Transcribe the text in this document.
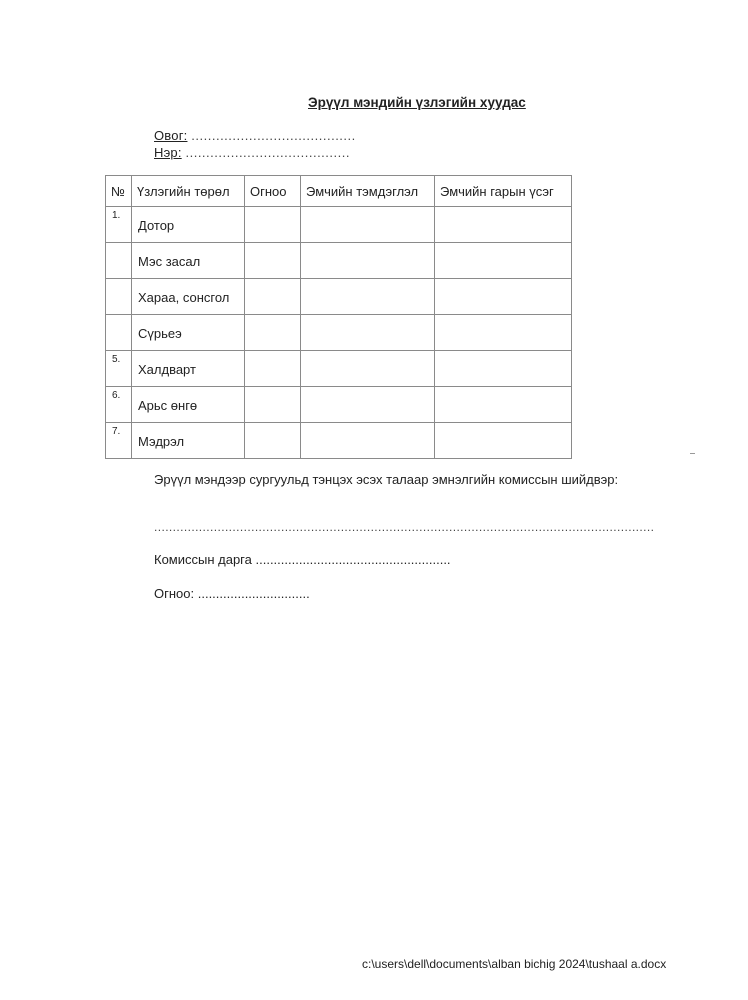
Эрүүл мэндийн үзлэгийн хуудас
Овог: ........................................
Нэр: ........................................
№	Үзлэгийн төрөл	Огноо	Эмчийн тэмдэглэл	Эмчийн гарын үсэг
1.	Дотор			
	Мэс засал			
	Хараа, сонсгол			
	Сүрьеэ			
5.	Халдварт			
6.	Арьс өнгө			
7.	Мэдрэл			
Эрүүл мэндээр сургуульд тэнцэх эсэх талаар эмнэлгийн комиссын шийдвэр:
......................................................................................................................................
Комиссын дарга ......................................................
Огноо: ...............................
c:\users\dell\documents\alban bichig 2024\tushaal a.docx
